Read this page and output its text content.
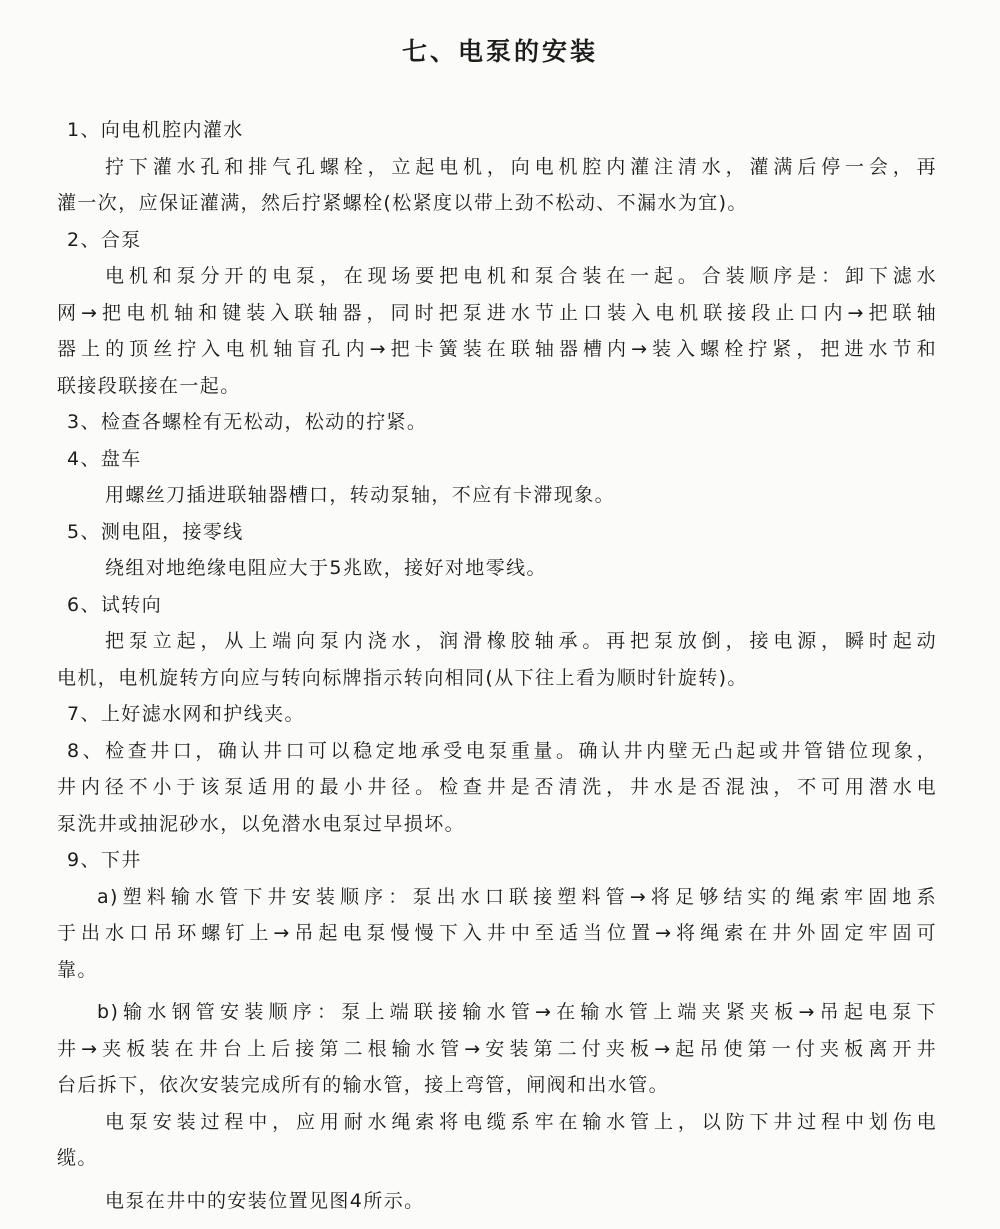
七、电泵的安装
1、向电机腔内灌水
拧下灌水孔和排气孔螺栓，立起电机，向电机腔内灌注清水，灌满后停一会，再
灌一次，应保证灌满，然后拧紧螺栓(松紧度以带上劲不松动、不漏水为宜)。
2、合泵
电机和泵分开的电泵，在现场要把电机和泵合装在一起。合装顺序是：卸下滤水
网→把电机轴和键装入联轴器，同时把泵进水节止口装入电机联接段止口内→把联轴
器上的顶丝拧入电机轴盲孔内→把卡簧装在联轴器槽内→装入螺栓拧紧，把进水节和
联接段联接在一起。
3、检查各螺栓有无松动，松动的拧紧。
4、盘车
用螺丝刀插进联轴器槽口，转动泵轴，不应有卡滞现象。
5、测电阻，接零线
绕组对地绝缘电阻应大于5兆欧，接好对地零线。
6、试转向
把泵立起，从上端向泵内浇水，润滑橡胶轴承。再把泵放倒，接电源，瞬时起动
电机，电机旋转方向应与转向标牌指示转向相同(从下往上看为顺时针旋转)。
7、上好滤水网和护线夹。
8、检查井口，确认井口可以稳定地承受电泵重量。确认井内壁无凸起或井管错位现象，
井内径不小于该泵适用的最小井径。检查井是否清洗，井水是否混浊，不可用潜水电
泵洗井或抽泥砂水，以免潜水电泵过早损坏。
9、下井
a)塑料输水管下井安装顺序：泵出水口联接塑料管→将足够结实的绳索牢固地系
于出水口吊环螺钉上→吊起电泵慢慢下入井中至适当位置→将绳索在井外固定牢固可
靠。
b)输水钢管安装顺序：泵上端联接输水管→在输水管上端夹紧夹板→吊起电泵下
井→夹板装在井台上后接第二根输水管→安装第二付夹板→起吊使第一付夹板离开井
台后拆下，依次安装完成所有的输水管，接上弯管，闸阀和出水管。
电泵安装过程中，应用耐水绳索将电缆系牢在输水管上，以防下井过程中划伤电
缆。
电泵在井中的安装位置见图4所示。
